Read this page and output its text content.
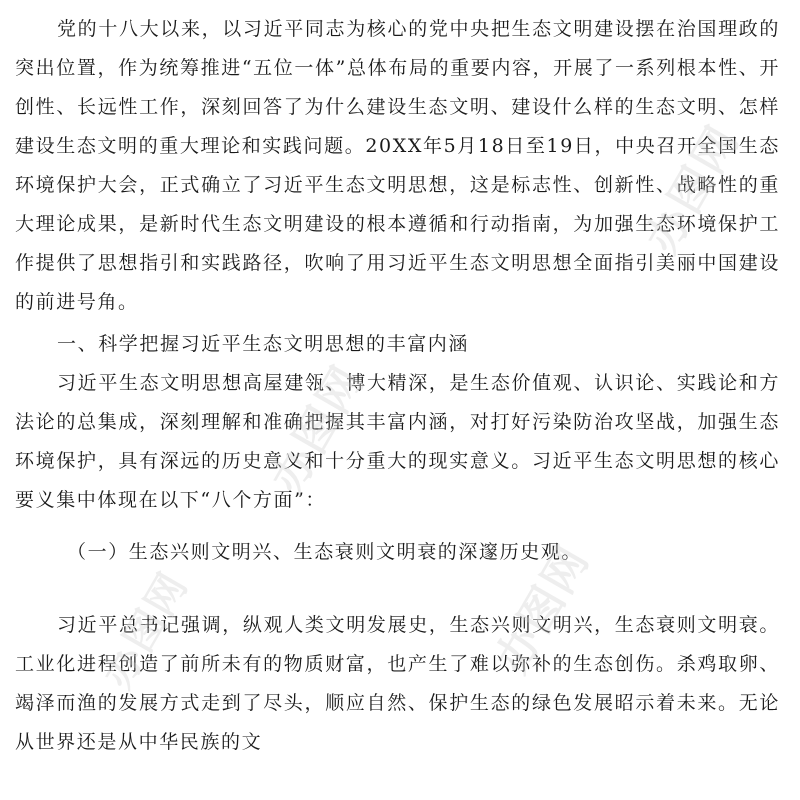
党的十八大以来，以习近平同志为核心的党中央把生态文明建设摆在治国理政的突出位置，作为统筹推进“五位一体”总体布局的重要内容，开展了一系列根本性、开创性、长远性工作，深刻回答了为什么建设生态文明、建设什么样的生态文明、怎样建设生态文明的重大理论和实践问题。20XX年5月18日至19日，中央召开全国生态环境保护大会，正式确立了习近平生态文明思想，这是标志性、创新性、战略性的重大理论成果，是新时代生态文明建设的根本遵循和行动指南，为加强生态环境保护工作提供了思想指引和实践路径，吹响了用习近平生态文明思想全面指引美丽中国建设的前进号角。

一、科学把握习近平生态文明思想的丰富内涵

习近平生态文明思想高屋建瓴、博大精深，是生态价值观、认识论、实践论和方法论的总集成，深刻理解和准确把握其丰富内涵，对打好污染防治攻坚战，加强生态环境保护，具有深远的历史意义和十分重大的现实意义。习近平生态文明思想的核心要义集中体现在以下“八个方面”：

（一）生态兴则文明兴、生态衰则文明衰的深邃历史观。

习近平总书记强调，纵观人类文明发展史，生态兴则文明兴，生态衰则文明衰。工业化进程创造了前所未有的物质财富，也产生了难以弥补的生态创伤。杀鸡取卵、竭泽而渔的发展方式走到了尽头，顺应自然、保护生态的绿色发展昭示着未来。无论从世界还是从中华民族的文

办图网
办图网
办图网
办图网
